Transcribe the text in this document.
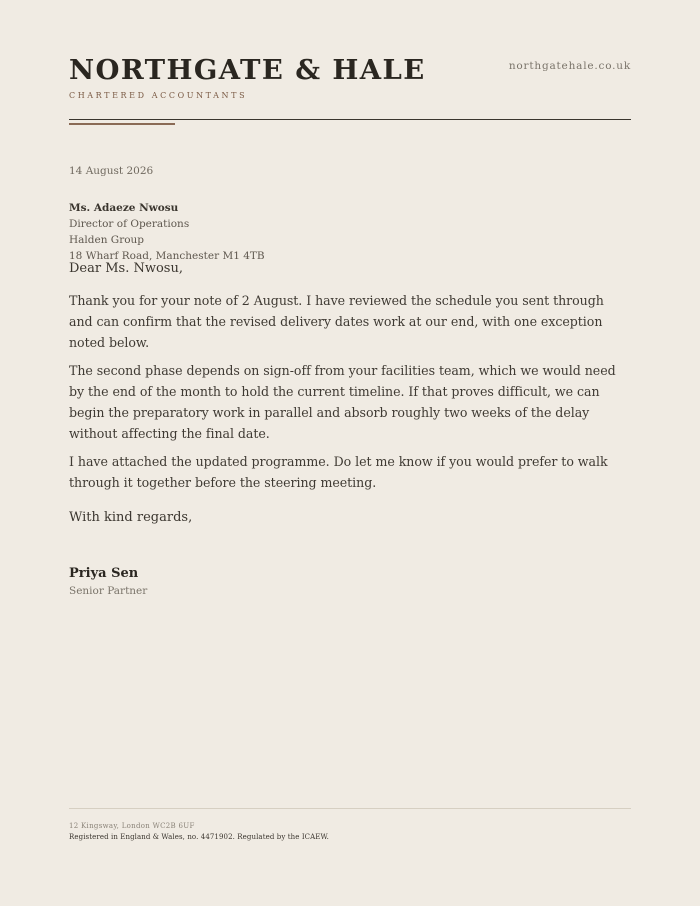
NORTHGATE & HALE
CHARTERED ACCOUNTANTS
northgatehale.co.uk
14 August 2026
Ms. Adaeze Nwosu
Director of Operations
Halden Group
18 Wharf Road, Manchester M1 4TB
Dear Ms. Nwosu,

Thank you for your note of 2 August. I have reviewed the schedule you sent through and can confirm that the revised delivery dates work at our end, with one exception noted below.

The second phase depends on sign-off from your facilities team, which we would need by the end of the month to hold the current timeline. If that proves difficult, we can begin the preparatory work in parallel and absorb roughly two weeks of the delay without affecting the final date.

I have attached the updated programme. Do let me know if you would prefer to walk through it together before the steering meeting.

With kind regards,
Priya Sen
Senior Partner
12 Kingsway, London WC2B 6UF
Registered in England & Wales, no. 4471902. Regulated by the ICAEW.
